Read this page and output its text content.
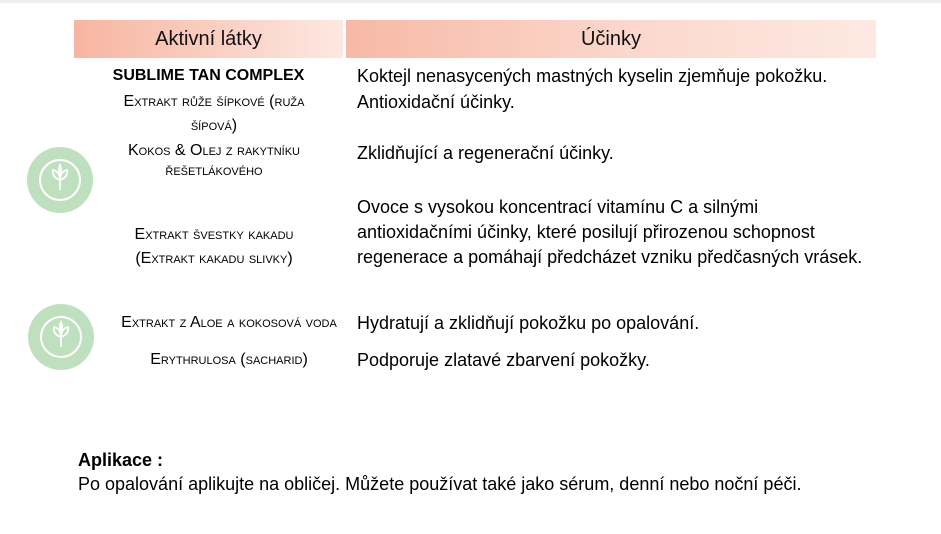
Aktivní látky	Účinky
SUBLIME TAN COMPLEX
Extrakt růže šípkové (ruža šípová)
Kokos & Olej z rakytníku řešetlákového
Extrakt švestky kakadu (Extrakt kakadu slivky)
Extrakt z Aloe a kokosová voda
Erythrulosa (sacharid)
Koktejl nenasycených mastných kyselin zjemňuje pokožku.
Antioxidační účinky.
Zklidňující a regenerační účinky.
Ovoce s vysokou koncentrací vitamínu C a silnými antioxidačními účinky, které posilují přirozenou schopnost regenerace a pomáhají předcházet vzniku předčasných vrásek.
Hydratují a zklidňují pokožku po opalování.
Podporuje zlatavé zbarvení pokožky.
Aplikace :
Po opalování aplikujte na obličej. Můžete používat také jako sérum, denní nebo noční péči.
